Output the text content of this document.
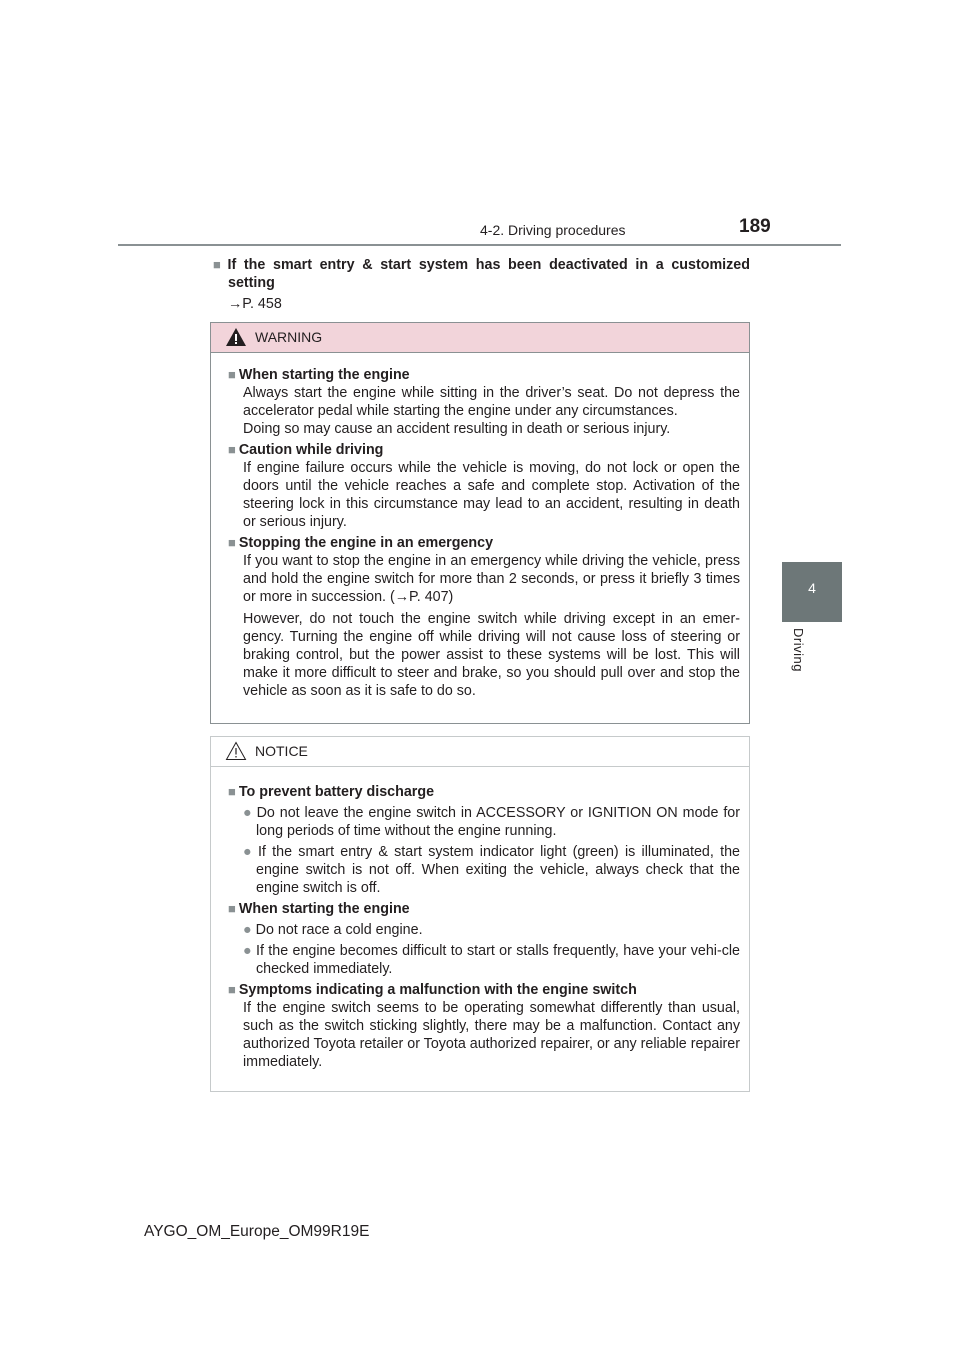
4-2. Driving procedures	189
4
Driving
■ If the smart entry & start system has been deactivated in a customized
setting
→P. 458
WARNING
■ When starting the engine
Always start the engine while sitting in the driver’s seat. Do not depress the accelerator pedal while starting the engine under any circumstances.
Doing so may cause an accident resulting in death or serious injury.
■ Caution while driving
If engine failure occurs while the vehicle is moving, do not lock or open the doors until the vehicle reaches a safe and complete stop. Activation of the steering lock in this circumstance may lead to an accident, resulting in death or serious injury.
■ Stopping the engine in an emergency
If you want to stop the engine in an emergency while driving the vehicle, press and hold the engine switch for more than 2 seconds, or press it briefly 3 times or more in succession. (→P. 407)
However, do not touch the engine switch while driving except in an emer-gency. Turning the engine off while driving will not cause loss of steering or braking control, but the power assist to these systems will be lost. This will make it more difficult to steer and brake, so you should pull over and stop the vehicle as soon as it is safe to do so.
NOTICE
■ To prevent battery discharge
● Do not leave the engine switch in ACCESSORY or IGNITION ON mode for long periods of time without the engine running.
● If the smart entry & start system indicator light (green) is illuminated, the engine switch is not off. When exiting the vehicle, always check that the engine switch is off.
■ When starting the engine
● Do not race a cold engine.
● If the engine becomes difficult to start or stalls frequently, have your vehi-cle checked immediately.
■ Symptoms indicating a malfunction with the engine switch
If the engine switch seems to be operating somewhat differently than usual, such as the switch sticking slightly, there may be a malfunction. Contact any authorized Toyota retailer or Toyota authorized repairer, or any reliable repairer immediately.
AYGO_OM_Europe_OM99R19E
